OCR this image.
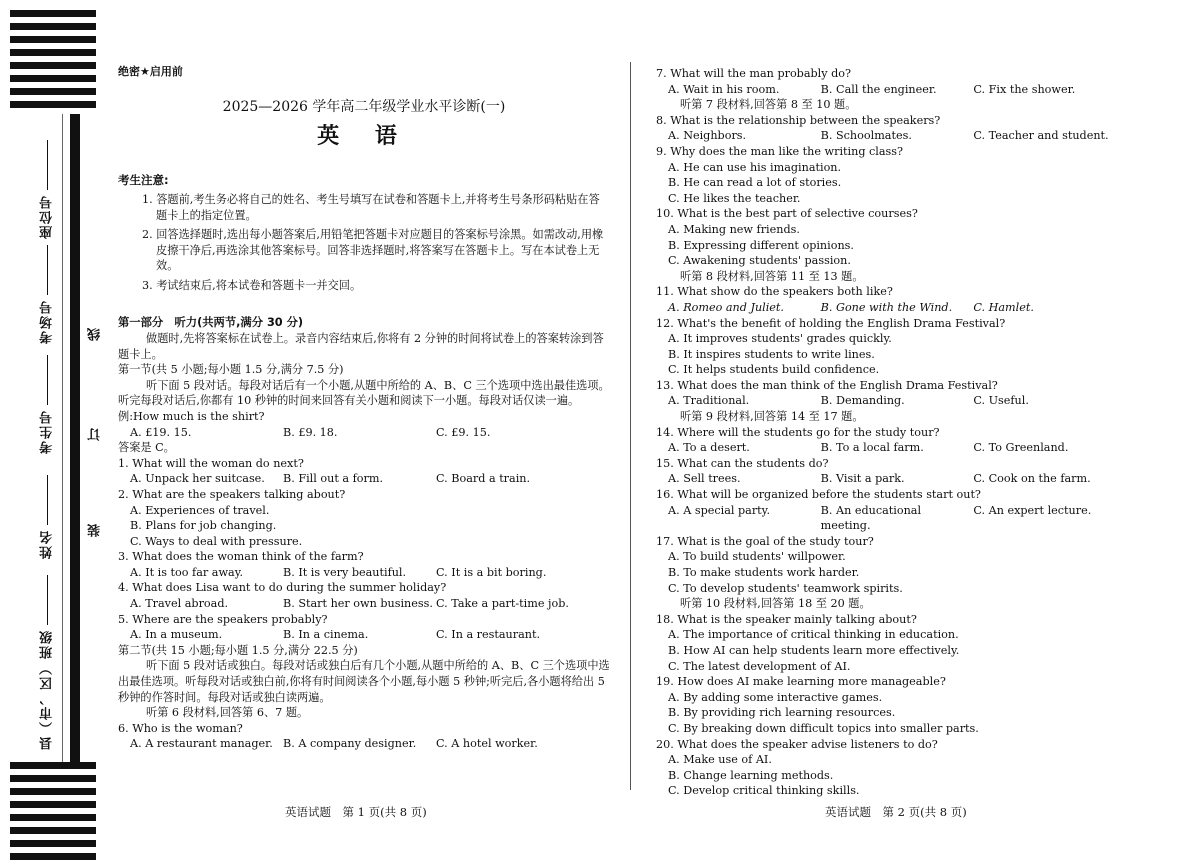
座位号
考场号
考生号
姓名
班级
县（市、区）
线
订
装
绝密★启用前
2025—2026 学年高二年级学业水平诊断(一)
英 语
考生注意:
1. 答题前,考生务必将自己的姓名、考生号填写在试卷和答题卡上,并将考生号条形码粘贴在答题卡上的指定位置。
2. 回答选择题时,选出每小题答案后,用铅笔把答题卡对应题目的答案标号涂黑。如需改动,用橡皮擦干净后,再选涂其他答案标号。回答非选择题时,将答案写在答题卡上。写在本试卷上无效。
3. 考试结束后,将本试卷和答题卡一并交回。
第一部分　听力(共两节,满分 30 分)
做题时,先将答案标在试卷上。录音内容结束后,你将有 2 分钟的时间将试卷上的答案转涂到答题卡上。
第一节(共 5 小题;每小题 1.5 分,满分 7.5 分)
听下面 5 段对话。每段对话后有一个小题,从题中所给的 A、B、C 三个选项中选出最佳选项。听完每段对话后,你都有 10 秒钟的时间来回答有关小题和阅读下一小题。每段对话仅读一遍。
例:How much is the shirt?
A. £19. 15.	B. £9. 18.	C. £9. 15.
答案是 C。
1. What will the woman do next?
A. Unpack her suitcase.	B. Fill out a form.	C. Board a train.
2. What are the speakers talking about?
A. Experiences of travel.
B. Plans for job changing.
C. Ways to deal with pressure.
3. What does the woman think of the farm?
A. It is too far away.	B. It is very beautiful.	C. It is a bit boring.
4. What does Lisa want to do during the summer holiday?
A. Travel abroad.	B. Start her own business. C. Take a part-time job.
5. Where are the speakers probably?
A. In a museum.	B. In a cinema.	C. In a restaurant.
第二节(共 15 小题;每小题 1.5 分,满分 22.5 分)
听下面 5 段对话或独白。每段对话或独白后有几个小题,从题中所给的 A、B、C 三个选项中选出最佳选项。听每段对话或独白前,你将有时间阅读各个小题,每小题 5 秒钟;听完后,各小题将给出 5 秒钟的作答时间。每段对话或独白读两遍。
听第 6 段材料,回答第 6、7 题。
6. Who is the woman?
A. A restaurant manager. B. A company designer.	C. A hotel worker.
7. What will the man probably do?
A. Wait in his room.	B. Call the engineer.	C. Fix the shower.
听第 7 段材料,回答第 8 至 10 题。
8. What is the relationship between the speakers?
A. Neighbors.	B. Schoolmates.	C. Teacher and student.
9. Why does the man like the writing class?
A. He can use his imagination.
B. He can read a lot of stories.
C. He likes the teacher.
10. What is the best part of selective courses?
A. Making new friends.
B. Expressing different opinions.
C. Awakening students' passion.
听第 8 段材料,回答第 11 至 13 题。
11. What show do the speakers both like?
A. Romeo and Juliet.	B. Gone with the Wind.	C. Hamlet.
12. What's the benefit of holding the English Drama Festival?
A. It improves students' grades quickly.
B. It inspires students to write lines.
C. It helps students build confidence.
13. What does the man think of the English Drama Festival?
A. Traditional.	B. Demanding.	C. Useful.
听第 9 段材料,回答第 14 至 17 题。
14. Where will the students go for the study tour?
A. To a desert.	B. To a local farm.	C. To Greenland.
15. What can the students do?
A. Sell trees.	B. Visit a park.	C. Cook on the farm.
16. What will be organized before the students start out?
A. A special party.	B. An educational meeting.
C. An expert lecture.
17. What is the goal of the study tour?
A. To build students' willpower.
B. To make students work harder.
C. To develop students' teamwork spirits.
听第 10 段材料,回答第 18 至 20 题。
18. What is the speaker mainly talking about?
A. The importance of critical thinking in education.
B. How AI can help students learn more effectively.
C. The latest development of AI.
19. How does AI make learning more manageable?
A. By adding some interactive games.
B. By providing rich learning resources.
C. By breaking down difficult topics into smaller parts.
20. What does the speaker advise listeners to do?
A. Make use of AI.
B. Change learning methods.
C. Develop critical thinking skills.
英语试题　第 1 页(共 8 页)	英语试题　第 2 页(共 8 页)
